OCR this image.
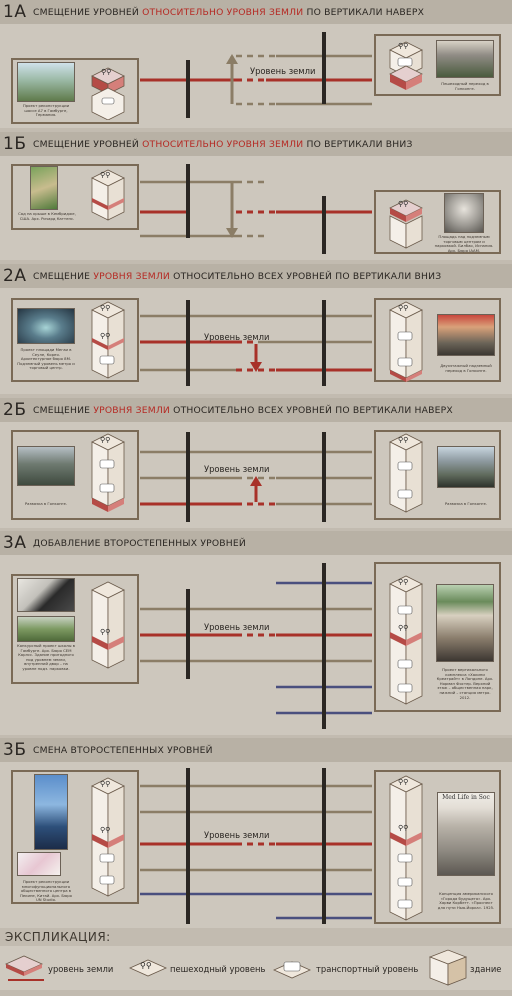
1А СМЕЩЕНИЕ УРОВНЕЙ ОТНОСИТЕЛЬНО УРОВНЯ ЗЕМЛИ ПО ВЕРТИКАЛИ НАВЕРХ
Проект реконструкции шоссе А7 в Гамбурге, Германия.
⚲⚲	Уровень земли
Пешеходный переход в Гонконге.
⚲⚲
1Б СМЕЩЕНИЕ УРОВНЕЙ ОТНОСИТЕЛЬНО УРОВНЯ ЗЕМЛИ ПО ВЕРТИКАЛИ ВНИЗ
Сад на крыше в Кембридже, США. Арх. Ричард Каттенс.
⚲⚲
Площадь над подземным торговым центром и парковкой. Билбао, Испания. Арх. Бюро IAAM.
⚲⚲
2А СМЕЩЕНИЕ УРОВНЯ ЗЕМЛИ ОТНОСИТЕЛЬНО ВСЕХ УРОВНЕЙ ПО ВЕРТИКАЛИ ВНИЗ
Проект площади Мегаи в Сеуле, Корея. Архитектурное бюро 8М. Подземный уровень метро и торговый центр.
⚲⚲
⚲⚲	Уровень земли
Двухэтажный надземный переход в Гонконге.
⚲⚲
2Б СМЕЩЕНИЕ УРОВНЯ ЗЕМЛИ ОТНОСИТЕЛЬНО ВСЕХ УРОВНЕЙ ПО ВЕРТИКАЛИ НАВЕРХ
Развязка в Гонконге.
⚲⚲
Уровень земли
Развязка в Гонконге.
⚲⚲
3А ДОБАВЛЕНИЕ ВТОРОСТЕПЕННЫХ УРОВНЕЙ
Конкурсный проект школы в Гамбурге. Арх. Бюро CEM Карлсс. Здание пригодного под уровнем земли, внутренний двор – на уровне подз. парковки.
⚲⚲	Уровень земли
Проект вертикального комплекса «Хакини Креатрайт» в Лондоне. Арх. Норман Фостер. Верхний этаж – общественная парк, нижний – станция метро. 2012.
⚲⚲
⚲⚲
3Б СМЕНА ВТОРОСТЕПЕННЫХ УРОВНЕЙ
Проект реконструкции многофункционального общественного центра в Пекине, Китай. Арх. Бюро UN Studio.
⚲⚲
⚲⚲	Уровень земли
Med Life in Soc
Концепция американского «Города будущего». Арх. Харви Корбетт. «Проспект для пути Нью-Йорка». 1925.
⚲⚲
⚲⚲
ЭКСПЛИКАЦИЯ:
уровень земли	⚲⚲ пешеходный уровень	транспортный уровень	здание
